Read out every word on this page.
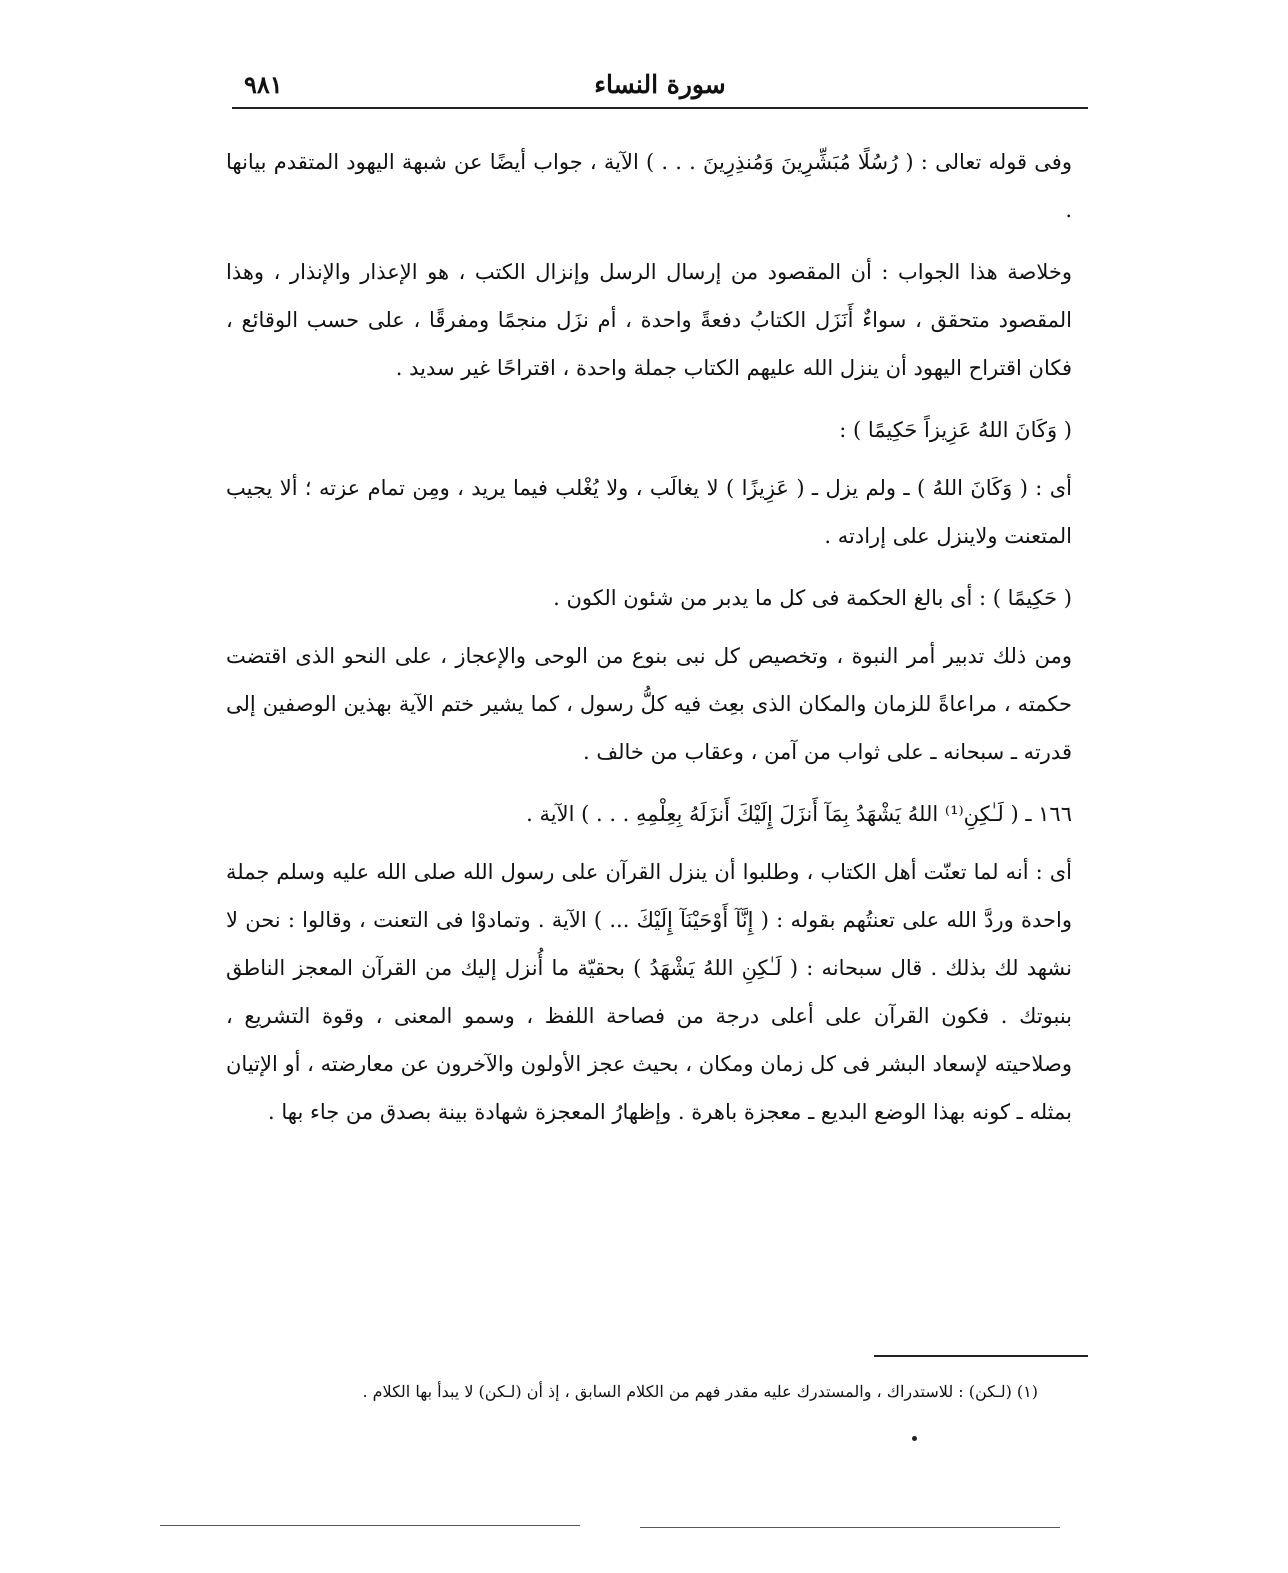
سورة النساء
٩٨١

وفى قوله تعالى : ( رُسُلًا مُبَشِّرِينَ وَمُنذِرِينَ . . . ) الآية ، جواب أيضًا عن شبهة اليهود المتقدم بيانها .

وخلاصة هذا الجواب : أن المقصود من إرسال الرسل وإنزال الكتب ، هو الإعذار والإنذار ، وهذا المقصود متحقق ، سواءٌ أَنَزَل الكتابُ دفعةً واحدة ، أم نزَل منجمًا ومفرقًا ، على حسب الوقائع ، فكان اقتراح اليهود أن ينزل الله عليهم الكتاب جملة واحدة ، اقتراحًا غير سديد .

( وَكَانَ اللهُ عَزِيزاً حَكِيمًا ) :

أى : ( وَكَانَ اللهُ ) ـ ولم يزل ـ ( عَزِيزًا ) لا يغالَب ، ولا يُغْلب فيما يريد ، ومِن تمام عزته ؛ ألا يجيب المتعنت ولاينزل على إرادته .

( حَكِيمًا ) : أى بالغ الحكمة فى كل ما يدبر من شئون الكون .

ومن ذلك تدبير أمر النبوة ، وتخصيص كل نبى بنوع من الوحى والإعجاز ، على النحو الذى اقتضت حكمته ، مراعاةً للزمان والمكان الذى بعِث فيه كلُّ رسول ، كما يشير ختم الآية بهذين الوصفين إلى قدرته ـ سبحانه ـ على ثواب من آمن ، وعقاب من خالف .

١٦٦ ـ ( لَـٰكِنِ⁽¹⁾ اللهُ يَشْهَدُ بِمَآ أَنزَلَ إِلَيْكَ أَنزَلَهُ بِعِلْمِهِ . . . ) الآية .

أى : أنه لما تعنّت أهل الكتاب ، وطلبوا أن ينزل القرآن على رسول الله صلى الله عليه وسلم جملة واحدة وردَّ الله على تعنتُهم بقوله : ( إِنَّآ أَوْحَيْنَآ إِلَيْكَ ... ) الآية . وتمادوْا فى التعنت ، وقالوا : نحن لا نشهد لك بذلك . قال سبحانه : ( لَـٰكِنِ اللهُ يَشْهَدُ ) بحقيّة ما أُنزل إليك من القرآن المعجز الناطق بنبوتك . فكون القرآن على أعلى درجة من فصاحة اللفظ ، وسمو المعنى ، وقوة التشريع ، وصلاحيته لإسعاد البشر فى كل زمان ومكان ، بحيث عجز الأولون والآخرون عن معارضته ، أو الإتيان بمثله ـ كونه بهذا الوضع البديع ـ معجزة باهرة . وإظهارُ المعجزة شهادة بينة بصدق من جاء بها .

(١) (لـكن) : للاستدراك ، والمستدرك عليه مقدر فهم من الكلام السابق ، إذ أن (لـكن) لا يبدأ بها الكلام .
